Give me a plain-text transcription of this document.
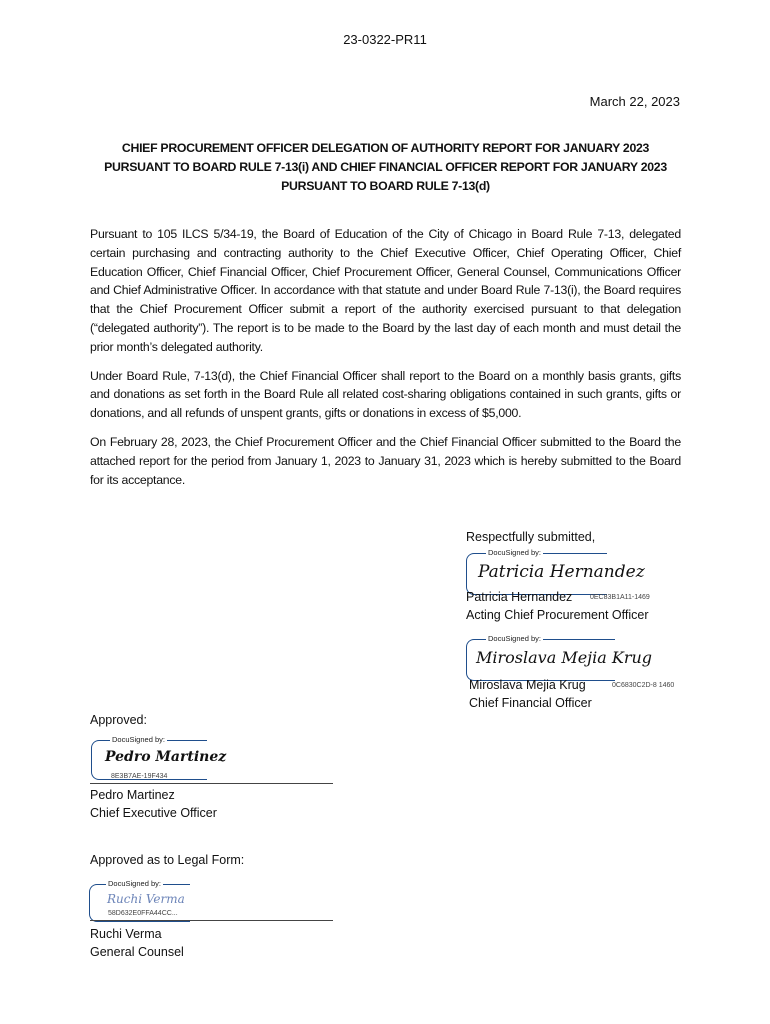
23-0322-PR11
March 22, 2023
CHIEF PROCUREMENT OFFICER DELEGATION OF AUTHORITY REPORT FOR JANUARY 2023 PURSUANT TO BOARD RULE 7-13(i) AND CHIEF FINANCIAL OFFICER REPORT FOR JANUARY 2023 PURSUANT TO BOARD RULE 7-13(d)

Pursuant to 105 ILCS 5/34-19, the Board of Education of the City of Chicago in Board Rule 7-13, delegated certain purchasing and contracting authority to the Chief Executive Officer, Chief Operating Officer, Chief Education Officer, Chief Financial Officer, Chief Procurement Officer, General Counsel, Communications Officer and Chief Administrative Officer. In accordance with that statute and under Board Rule 7-13(i), the Board requires that the Chief Procurement Officer submit a report of the authority exercised pursuant to that delegation (“delegated authority”). The report is to be made to the Board by the last day of each month and must detail the prior month’s delegated authority.

Under Board Rule, 7-13(d), the Chief Financial Officer shall report to the Board on a monthly basis grants, gifts and donations as set forth in the Board Rule all related cost-sharing obligations contained in such grants, gifts or donations, and all refunds of unspent grants, gifts or donations in excess of $5,000.

On February 28, 2023, the Chief Procurement Officer and the Chief Financial Officer submitted to the Board the attached report for the period from January 1, 2023 to January 31, 2023 which is hereby submitted to the Board for its acceptance.

Respectfully submitted,
DocuSigned by:
Patricia Hernandez
0EC83B1A11-1469
Patricia Hernandez
Acting Chief Procurement Officer
DocuSigned by:
Miroslava Mejia Krug
0C6830C2D-8 1460
Miroslava Mejia Krug
Chief Financial Officer
Approved:
DocuSigned by:
Pedro Martinez
8E3B7AE-19F434
Pedro Martinez
Chief Executive Officer
Approved as to Legal Form:
DocuSigned by:
Ruchi Verma
58D632E0FFA44CC...
Ruchi Verma
General Counsel
